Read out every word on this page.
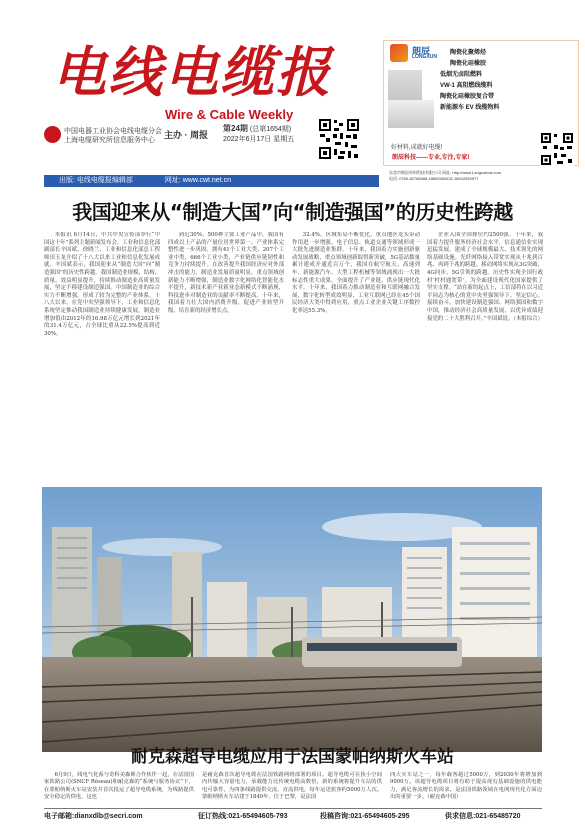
电线电缆报
Wire & Cable Weekly
中国电器工业协会电线电缆分会
上海电缆研究所信息服务中心
主办 · 周报
第24期 (总第1654期)
2022年6月17日 星期五
朗辰
LONGXUN
陶瓷化聚烯烃
陶瓷化硅橡胶
低烟无卤阻燃料
VW-1 高阻燃线缆料
陶瓷化硅橡胶复合带
新能源车 EV 线缆物料
好材料,成就好电缆!
朗辰科技——专业,专注,专家!
东莞市朗辰材料科技有限公司 网址: http://www.Longxuncai.com
电话: 0769-82788088,18802652632,18922539977
出版: 电线电缆报编辑部	网址: www.cwt.net.cn
我国迎来从“制造大国”向“制造强国”的历史性跨越

本报讯 6月14日，中共中央宣传部举行“中国这十年”系列主题新闻发布会。工业和信息化部副部长辛国斌、徐晓兰、工业和信息化部总工程师田玉龙介绍了十八大以来工业和信息化发展成就。辛国斌表示，我国迎来从“制造大国”向“制造强国”的历史性跨越。我国制造业规模、结构、质量、效益明显提升，持续推动制造业高质量发展，坚定不移建设制造强国。中国制造业的综合实力不断增强，形成了较为完整的产业体系。十八大以来，在党中央坚强领导下，工业和信息化系统坚定推动我国制造业持续健康发展，制造业增加值由2012年的16.98万亿元增长到2021年的31.4万亿元，占全球比重从22.5%提高到近30%。

到近30%。500种主要工业产品中，我国有四成以上产品的产量位居世界第一。产业体系完整性进一步巩固，拥有41个工业大类、207个工业中类、666个工业小类，产业链供应链韧性和竞争力持续提升。在改善提升我国经济应对外部冲击的能力，制造业发展质量明显，重点领域创新能力不断增强，制造业数字化网络化智能化水平提升，新技术新产业新业态新模式不断涌现，科技进步对制造业的贡献率不断提高。十年来，我国着力壮大国内消费升级，促进产业转型升级，培育新的经济增长点。

32.4%。区域布局不断优化，重点地区龙头带动作用进一步增强。电子信息、轨道交通等领域形成一大批先进制造业集群。十年来，我国着力实施创新驱动发展战略，重点领域创新取得新突破。5G基站数量累计建成开通近百万个，我国在航空航天、高速列车、新能源汽车、大型工程机械等领域涌现出一大批标志性重大成果。全面提升了产业链、供应链现代化水平。十年来，我国着力推动制造业和互联网融合发展，数字化转型成效明显，工业互联网已经在45个国民经济大类中得到应用，重点工业企业关键工序数控化率达55.3%。

企业入围全国排位约2500强。十年来，我国着力提升服务经济社会水平，信息通信业实现迅猛发展。建成了全球规模最大、技术领先的网络基础设施。光纤网络接入带宽实现从十兆到百兆、再到千兆的跨越。移动网络实现从3G突破、4G同步、5G引领的跨越。历史性实现全国行政村‘村村通宽带’。为全面建设现代化国家提供了坚实支撑。“站在新的起点上，工信部将在以习近平同志为核心的党中央坚强领导下，坚定信心、接续奋斗，加快建设制造强国、网络强国和数字中国，推动经济社会高质量发展，以优异成绩迎接党的二十大胜利召开。”辛国斌说。（本报综合）

耐克森超导电缆应用于法国蒙帕纳斯火车站

6月9日，线电气化系与奇科美森斯合作伙伴一起，在法国国家铁路公司(SNCF Réseau)和耐克森的“系统与服务协议”下，在蒙帕纳斯火车站安装并首次投运了超导电缆系统，为线路提供安全稳定的供电，这也

是耐克森首次超导电缆在法国铁路网络部署的项目。超导电缆可在狭小空间内传输大容量电力，承载能力比传统电缆高数倍。新的系统将提升车站的供电可靠性，为四条线路提供交流、直流供电，每年运送旅客约5000万人次。蒙帕纳斯火车站建于1840年，位于巴黎，是法国

四大火车站之一，每年载客超过5000万，到2030年将增加到9000万。该超导电缆项目将有助于提高现有基础设施的供电能力，满足客流增长的需求，是法国铁路领域在电网现代化方面迈出的重要一步。（耐克森中国）

电子邮箱:dianxdlb@secri.com	征订热线:021-65494605-793	投稿咨询:021-65494605-295	供求信息:021-65485720
